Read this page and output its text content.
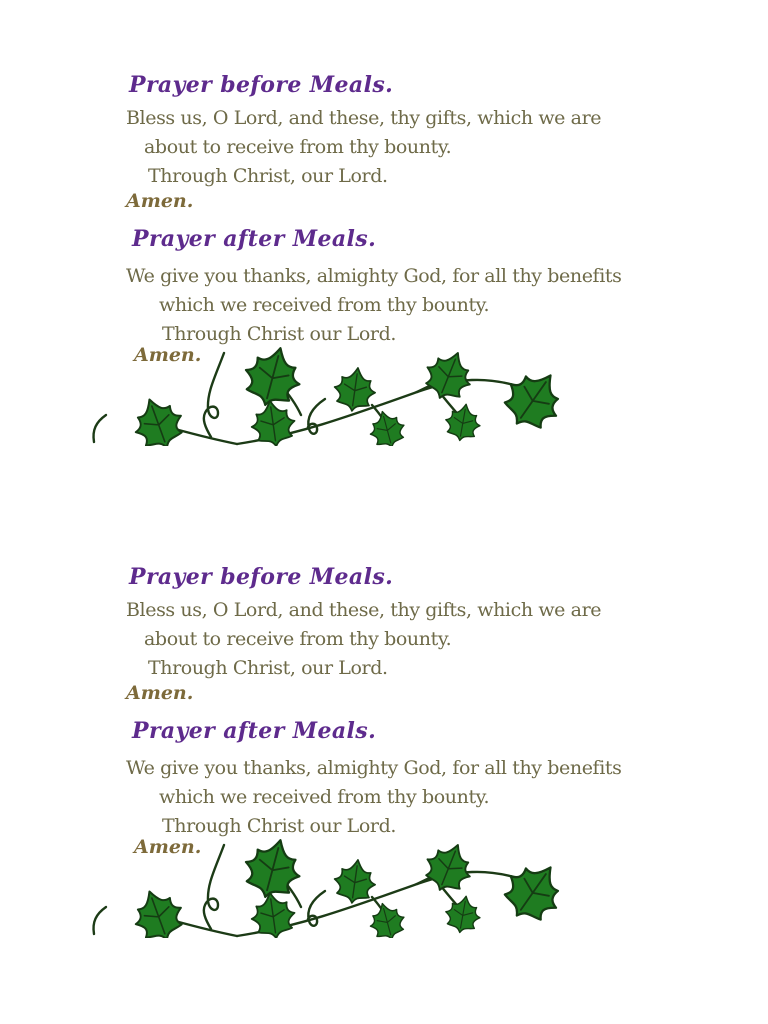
Prayer before Meals.
Bless us, O Lord, and these, thy gifts, which we are
about to receive from thy bounty.
Through Christ, our Lord.
Amen.
Prayer after Meals.
We give you thanks, almighty God, for all thy benefits
which we received from thy bounty.
Through Christ our Lord.
Amen.
Prayer before Meals.
Bless us, O Lord, and these, thy gifts, which we are
about to receive from thy bounty.
Through Christ, our Lord.
Amen.
Prayer after Meals.
We give you thanks, almighty God, for all thy benefits
which we received from thy bounty.
Through Christ our Lord.
Amen.
